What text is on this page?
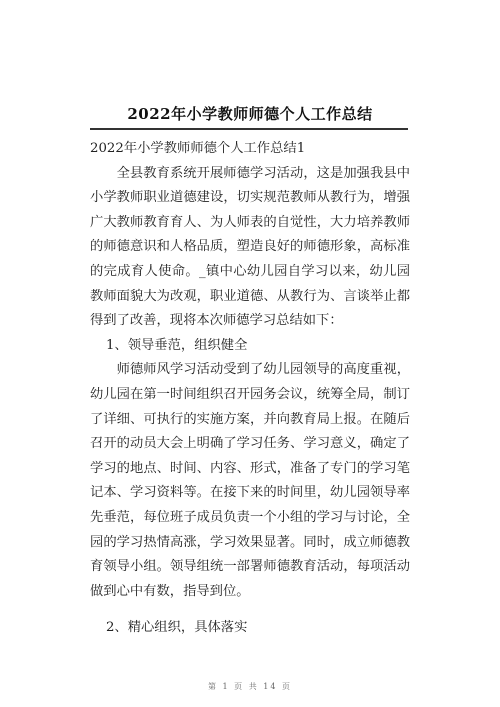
2022年小学教师师德个人工作总结

2022年小学教师师德个人工作总结1

全县教育系统开展师德学习活动，这是加强我县中小学教师职业道德建设，切实规范教师从教行为，增强广大教师教育育人、为人师表的自觉性，大力培养教师的师德意识和人格品质，塑造良好的师德形象，高标准的完成育人使命。_镇中心幼儿园自学习以来，幼儿园教师面貌大为改观，职业道德、从教行为、言谈举止都得到了改善，现将本次师德学习总结如下：

1、领导垂范，组织健全

师德师风学习活动受到了幼儿园领导的高度重视，幼儿园在第一时间组织召开园务会议，统筹全局，制订了详细、可执行的实施方案，并向教育局上报。在随后召开的动员大会上明确了学习任务、学习意义，确定了学习的地点、时间、内容、形式，准备了专门的学习笔记本、学习资料等。在接下来的时间里，幼儿园领导率先垂范，每位班子成员负责一个小组的学习与讨论，全园的学习热情高涨，学习效果显著。同时，成立师德教育领导小组。领导组统一部署师德教育活动，每项活动做到心中有数，指导到位。

2、精心组织，具体落实

第 1 页 共 14 页
